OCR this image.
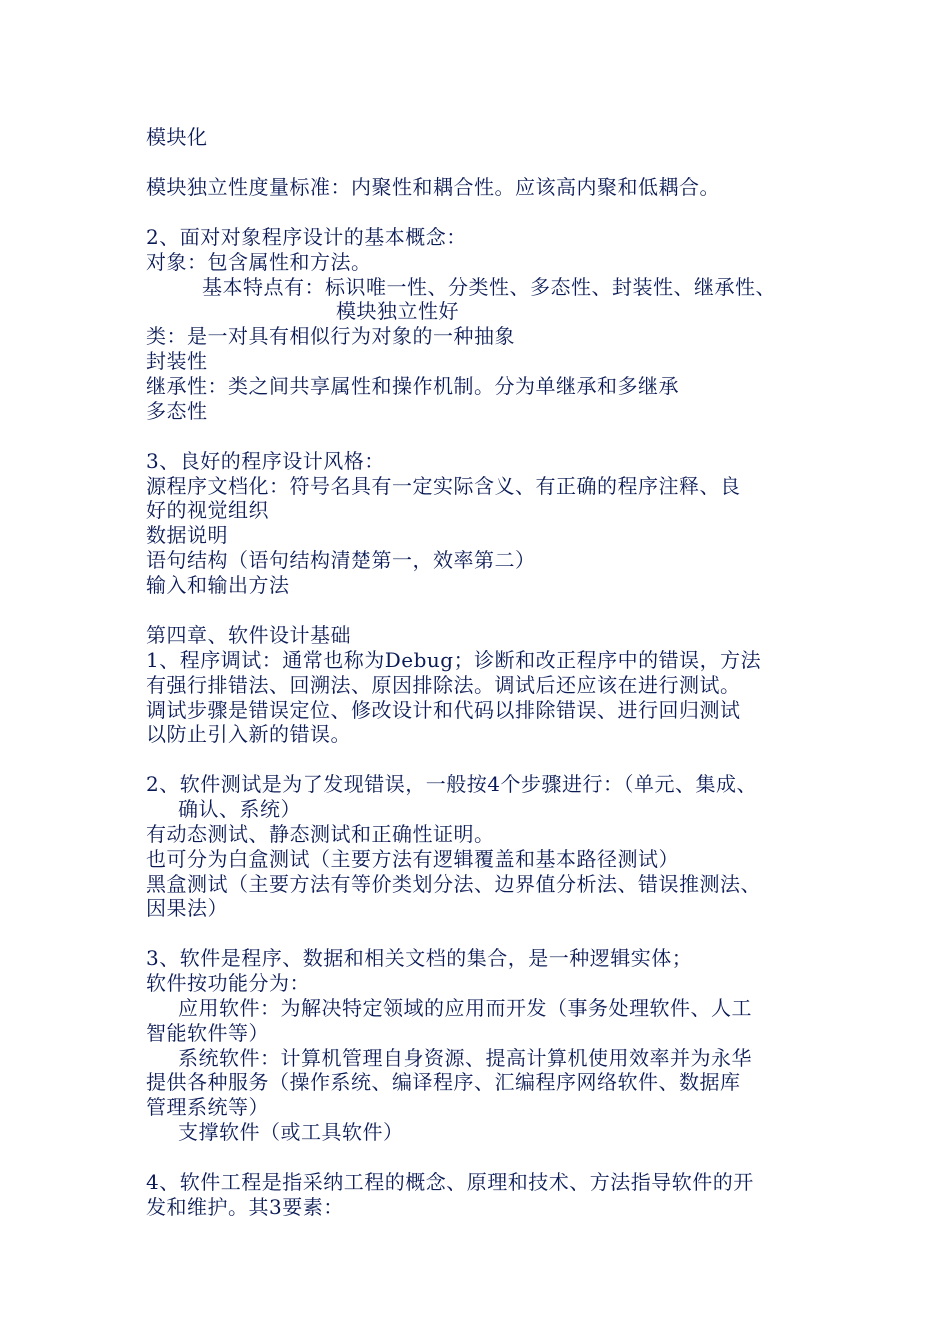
模块化
模块独立性度量标准：内聚性和耦合性。应该高内聚和低耦合。
2、面对对象程序设计的基本概念：
对象：包含属性和方法。
基本特点有：标识唯一性、分类性、多态性、封装性、继承性、
模块独立性好
类：是一对具有相似行为对象的一种抽象
封装性
继承性：类之间共享属性和操作机制。分为单继承和多继承
多态性
3、良好的程序设计风格：
源程序文档化：符号名具有一定实际含义、有正确的程序注释、良
好的视觉组织
数据说明
语句结构（语句结构清楚第一，效率第二）
输入和输出方法
第四章、软件设计基础
1、程序调试：通常也称为Debug；诊断和改正程序中的错误，方法
有强行排错法、回溯法、原因排除法。调试后还应该在进行测试。
调试步骤是错误定位、修改设计和代码以排除错误、进行回归测试
以防止引入新的错误。
2、软件测试是为了发现错误，一般按4个步骤进行：（单元、集成、
确认、系统）
有动态测试、静态测试和正确性证明。
也可分为白盒测试（主要方法有逻辑覆盖和基本路径测试）
黑盒测试（主要方法有等价类划分法、边界值分析法、错误推测法、
因果法）
3、软件是程序、数据和相关文档的集合，是一种逻辑实体；
软件按功能分为：
应用软件：为解决特定领域的应用而开发（事务处理软件、人工
智能软件等）
系统软件：计算机管理自身资源、提高计算机使用效率并为永华
提供各种服务（操作系统、编译程序、汇编程序网络软件、数据库
管理系统等）
支撑软件（或工具软件）
4、软件工程是指采纳工程的概念、原理和技术、方法指导软件的开
发和维护。其3要素：
